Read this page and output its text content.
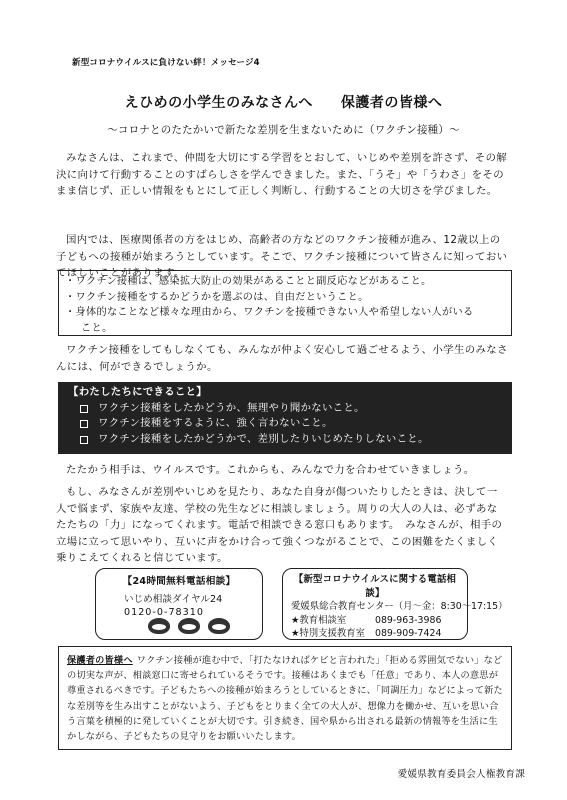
新型コロナウイルスに負けない絆！メッセージ4
えひめの小学生のみなさんへ 保護者の皆様へ
～コロナとのたたかいで新たな差別を生まないために（ワクチン接種）～
みなさんは、これまで、仲間を大切にする学習をとおして、いじめや差別を許さず、その解決に向けて行動することのすばらしさを学んできました。また、「うそ」や「うわさ」をそのまま信じず、正しい情報をもとにして正しく判断し、行動することの大切さを学びました。
国内では、医療関係者の方をはじめ、高齢者の方などのワクチン接種が進み、12歳以上の子どもへの接種が始まろうとしています。そこで、ワクチン接種について皆さんに知っておいてほしいことがあります。
・ワクチン接種は、感染拡大防止の効果があることと副反応などがあること。
・ワクチン接種をするかどうかを選ぶのは、自由だということ。
・身体的なことなど様々な理由から、ワクチンを接種できない人や希望しない人がいる
こと。
ワクチン接種をしてもしなくても、みんなが仲よく安心して過ごせるよう、小学生のみなさんには、何ができるでしょうか。
【わたしたちにできること】
ワクチン接種をしたかどうか、無理やり聞かないこと。
ワクチン接種をするように、強く言わないこと。
ワクチン接種をしたかどうかで、差別したりいじめたりしないこと。
たたかう相手は、ウイルスです。これからも、みんなで力を合わせていきましょう。
もし、みなさんが差別やいじめを見たり、あなた自身が傷ついたりしたときは、決して一人で悩まず、家族や友達、学校の先生などに相談しましょう。周りの大人の人は、必ずあなたたちの「力」になってくれます。電話で相談できる窓口もあります。　みなさんが、相手の立場に立って思いやり、互いに声をかけ合って強くつながることで、この困難をたくましく乗りこえてくれると信じています。
【24時間無料電話相談】
いじめ相談ダイヤル24
0120-0-78310
【新型コロナウイルスに関する電話相談】
愛媛県総合教育センター（月～金：8:30～17:15）
★教育相談室	089-963-3986
★特別支援教育室 089-909-7424
保護者の皆様へ ワクチン接種が進む中で、「打たなければケビと言われた」「拒める雰囲気でない」などの切実な声が、相談窓口に寄せられているそうです。接種はあくまでも「任意」であり、本人の意思が尊重されるべきです。子どもたちへの接種が始まろうとしているときに、「同調圧力」などによって新たな差別等を生み出すことがないよう、子どもをとりまく全ての大人が、想像力を働かせ、互いを思い合う言葉を積極的に発していくことが大切です。引き続き、国や県から出される最新の情報等を生活に生かしながら、子どもたちの見守りをお願いいたします。
愛媛県教育委員会人権教育課
